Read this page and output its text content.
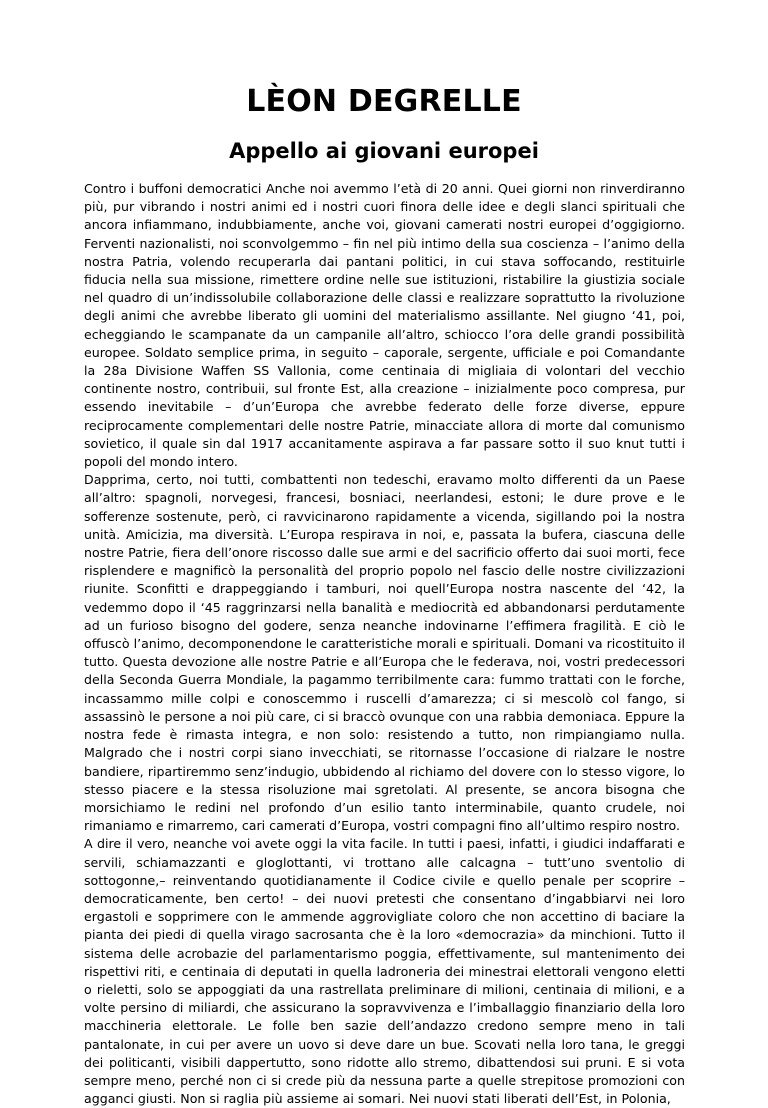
LÈON DEGRELLE
Appello ai giovani europei

Contro i buffoni democratici Anche noi avemmo l’età di 20 anni. Quei giorni non rinverdiranno più, pur vibrando i nostri animi ed i nostri cuori finora delle idee e degli slanci spirituali che ancora infiammano, indubbiamente, anche voi, giovani camerati nostri europei d’oggigiorno. Ferventi nazionalisti, noi sconvolgemmo – fin nel più intimo della sua coscienza – l’animo della nostra Patria, volendo recuperarla dai pantani politici, in cui stava soffocando, restituirle fiducia nella sua missione, rimettere ordine nelle sue istituzioni, ristabilire la giustizia sociale nel quadro di un’indissolubile collaborazione delle classi e realizzare soprattutto la rivoluzione degli animi che avrebbe liberato gli uomini del materialismo assillante. Nel giugno ‘41, poi, echeggiando le scampanate da un campanile all’altro, schiocco l’ora delle grandi possibilità europee. Soldato semplice prima, in seguito – caporale, sergente, ufficiale e poi Comandante la 28a Divisione Waffen SS Vallonia, come centinaia di migliaia di volontari del vecchio continente nostro, contribuii, sul fronte Est, alla creazione – inizialmente poco compresa, pur essendo inevitabile – d’un’Europa che avrebbe federato delle forze diverse, eppure reciprocamente complementari delle nostre Patrie, minacciate allora di morte dal comunismo sovietico, il quale sin dal 1917 accanitamente aspirava a far passare sotto il suo knut tutti i popoli del mondo intero.

Dapprima, certo, noi tutti, combattenti non tedeschi, eravamo molto differenti da un Paese all’altro: spagnoli, norvegesi, francesi, bosniaci, neerlandesi, estoni; le dure prove e le sofferenze sostenute, però, ci ravvicinarono rapidamente a vicenda, sigillando poi la nostra unità. Amicizia, ma diversità. L’Europa respirava in noi, e, passata la bufera, ciascuna delle nostre Patrie, fiera dell’onore riscosso dalle sue armi e del sacrificio offerto dai suoi morti, fece risplendere e magnificò la personalità del proprio popolo nel fascio delle nostre civilizzazioni riunite. Sconfitti e drappeggiando i tamburi, noi quell’Europa nostra nascente del ‘42, la vedemmo dopo il ‘45 raggrinzarsi nella banalità e mediocrità ed abbandonarsi perdutamente ad un furioso bisogno del godere, senza neanche indovinarne l’effimera fragilità. E ciò le offuscò l’animo, decomponendone le caratteristiche morali e spirituali. Domani va ricostituito il tutto. Questa devozione alle nostre Patrie e all’Europa che le federava, noi, vostri predecessori della Seconda Guerra Mondiale, la pagammo terribilmente cara: fummo trattati con le forche, incassammo mille colpi e conoscemmo i ruscelli d’amarezza; ci si mescolò col fango, si assassinò le persone a noi più care, ci si braccò ovunque con una rabbia demoniaca. Eppure la nostra fede è rimasta integra, e non solo: resistendo a tutto, non rimpiangiamo nulla. Malgrado che i nostri corpi siano invecchiati, se ritornasse l’occasione di rialzare le nostre bandiere, ripartiremmo senz’indugio, ubbidendo al richiamo del dovere con lo stesso vigore, lo stesso piacere e la stessa risoluzione mai sgretolati. Al presente, se ancora bisogna che morsichiamo le redini nel profondo d’un esilio tanto interminabile, quanto crudele, noi rimaniamo e rimarremo, cari camerati d’Europa, vostri compagni fino all’ultimo respiro nostro.

A dire il vero, neanche voi avete oggi la vita facile. In tutti i paesi, infatti, i giudici indaffarati e servili, schiamazzanti e gloglottanti, vi trottano alle calcagna – tutt’uno sventolio di sottogonne,– reinventando quotidianamente il Codice civile e quello penale per scoprire – democraticamente, ben certo! – dei nuovi pretesti che consentano d’ingabbiarvi nei loro ergastoli e sopprimere con le ammende aggrovigliate coloro che non accettino di baciare la pianta dei piedi di quella virago sacrosanta che è la loro «democrazia» da minchioni. Tutto il sistema delle acrobazie del parlamentarismo poggia, effettivamente, sul mantenimento dei rispettivi riti, e centinaia di deputati in quella ladroneria dei minestrai elettorali vengono eletti o rieletti, solo se appoggiati da una rastrellata preliminare di milioni, centinaia di milioni, e a volte persino di miliardi, che assicurano la sopravvivenza e l’imballaggio finanziario della loro macchineria elettorale. Le folle ben sazie dell’andazzo credono sempre meno in tali pantalonate, in cui per avere un uovo si deve dare un bue. Scovati nella loro tana, le greggi dei politicanti, visibili dappertutto, sono ridotte allo stremo, dibattendosi sui pruni. E si vota sempre meno, perché non ci si crede più da nessuna parte a quelle strepitose promozioni con agganci giusti. Non si raglia più assieme ai somari. Nei nuovi stati liberati dell’Est, in Polonia,
